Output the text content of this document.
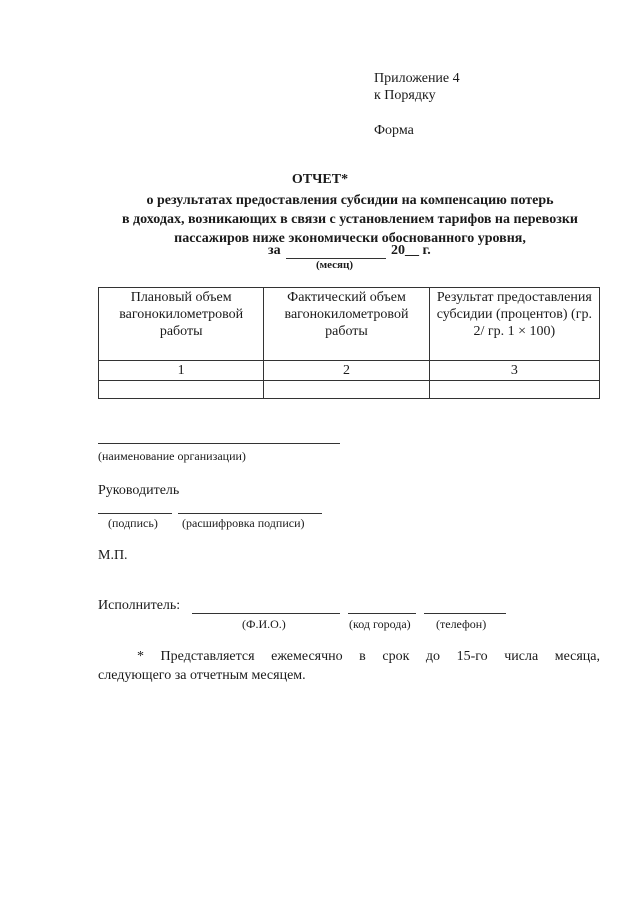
Приложение 4
к Порядку
Форма
ОТЧЕТ*
о результатах предоставления субсидии на компенсацию потерь
в доходах, возникающих в связи с установлением тарифов на перевозки
пассажиров ниже экономически обоснованного уровня,
за	20__ г.
(месяц)
Плановый объем вагонокилометровой работы	Фактический объем вагонокилометровой работы	Результат предоставления субсидии (процентов) (гр. 2/ гр. 1 × 100)
1	2	3

(наименование организации)
Руководитель
(подпись) (расшифровка подписи)
М.П.
Исполнитель:
(Ф.И.О.)	(код города) (телефон)
* Представляется ежемесячно в срок до 15-го числа месяца,
следующего за отчетным месяцем.
